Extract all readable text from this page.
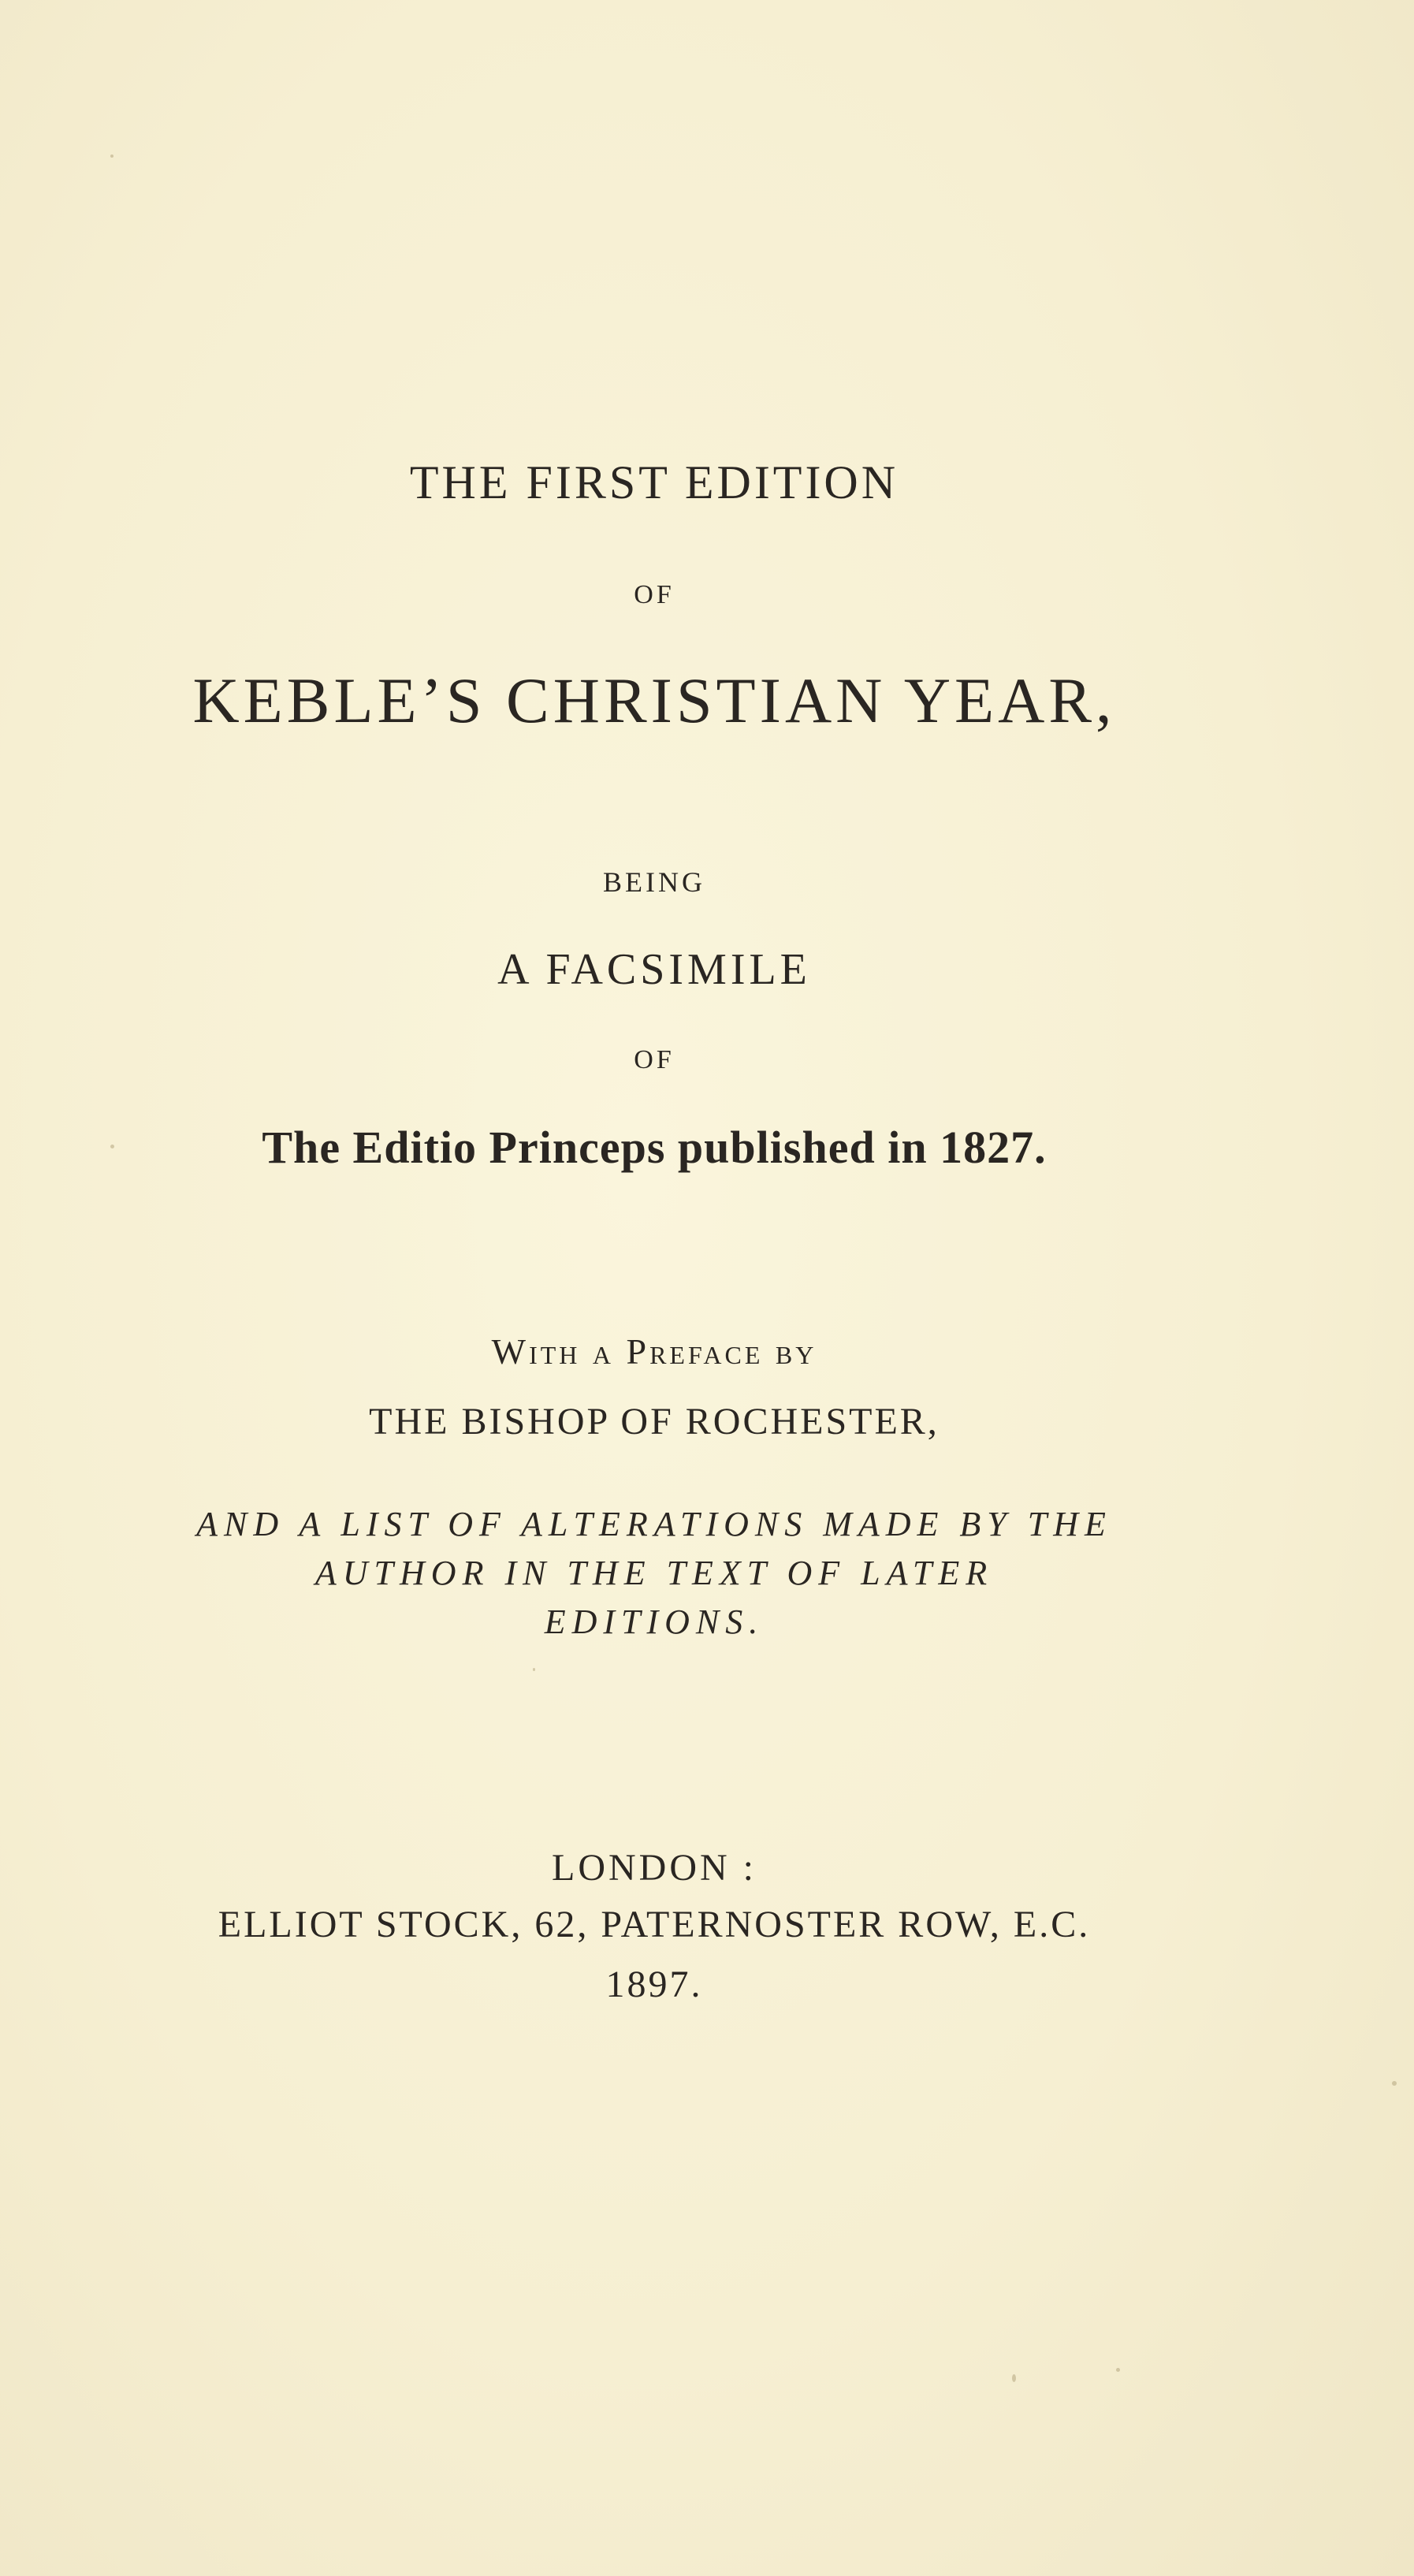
THE FIRST EDITION
OF
KEBLE’S CHRISTIAN YEAR,
BEING
A FACSIMILE
OF
The Editio Princeps published in 1827.
With a Preface by
THE BISHOP OF ROCHESTER,
AND A LIST OF ALTERATIONS MADE BY THE
AUTHOR IN THE TEXT OF LATER
EDITIONS.
LONDON :
ELLIOT STOCK, 62, PATERNOSTER ROW, E.C.
1897.
